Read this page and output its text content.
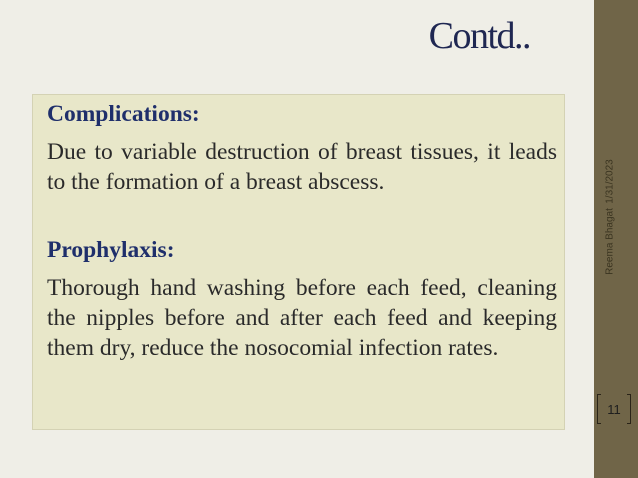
Contd..

Complications:

Due to variable destruction of breast tissues, it leads to the formation of a breast abscess.

Prophylaxis:

Thorough hand washing before each feed, cleaning the nipples before and after each feed and keeping them dry, reduce the nosocomial infection rates.

1/31/2023
Reema Bhagat
11
